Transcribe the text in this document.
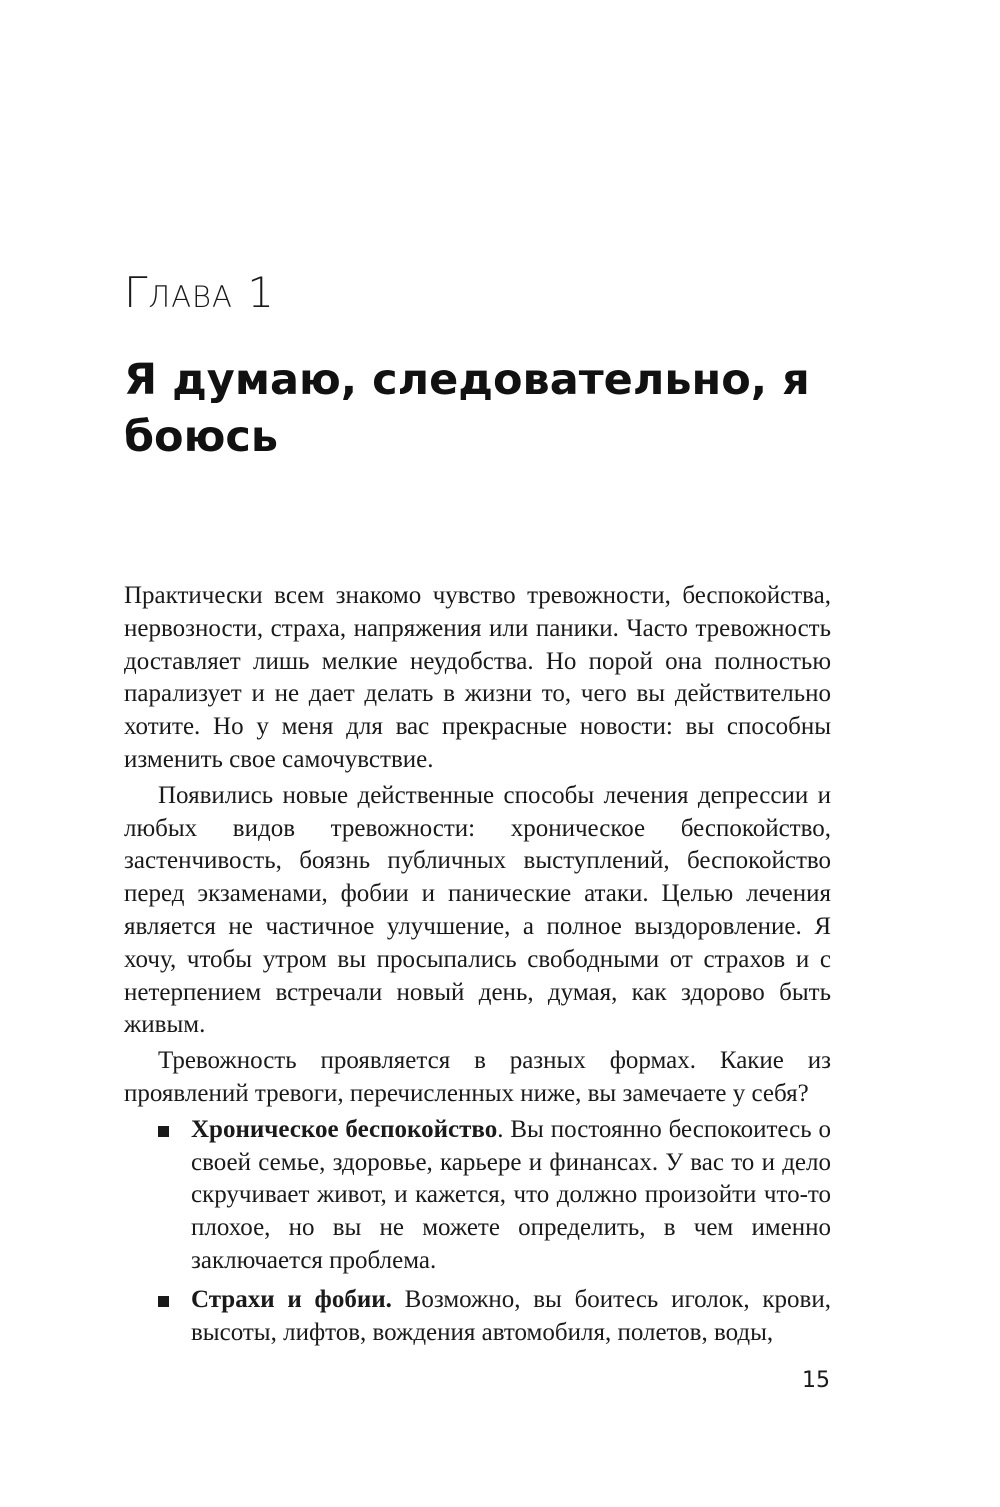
Глава 1
Я думаю, следовательно, я боюсь

Практически всем знакомо чувство тревожности, беспокойства, нервозности, страха, напряжения или паники. Часто тревожность доставляет лишь мелкие неудобства. Но порой она полностью парализует и не дает делать в жизни то, чего вы действительно хотите. Но у меня для вас прекрасные новости: вы способны изменить свое самочувствие.

Появились новые действенные способы лечения депрессии и любых видов тревожности: хроническое беспокойство, застенчивость, боязнь публичных выступлений, беспокойство перед экзаменами, фобии и панические атаки. Целью лечения является не частичное улучшение, а полное выздоровление. Я хочу, чтобы утром вы просыпались свободными от страхов и с нетерпением встречали новый день, думая, как здорово быть живым.

Тревожность проявляется в разных формах. Какие из проявлений тревоги, перечисленных ниже, вы замечаете у себя?

Хроническое беспокойство. Вы постоянно беспокоитесь о своей семье, здоровье, карьере и финансах. У вас то и дело скручивает живот, и кажется, что должно произойти что-то плохое, но вы не можете определить, в чем именно заключается проблема.
Страхи и фобии. Возможно, вы боитесь иголок, крови, высоты, лифтов, вождения автомобиля, полетов, воды,
15
